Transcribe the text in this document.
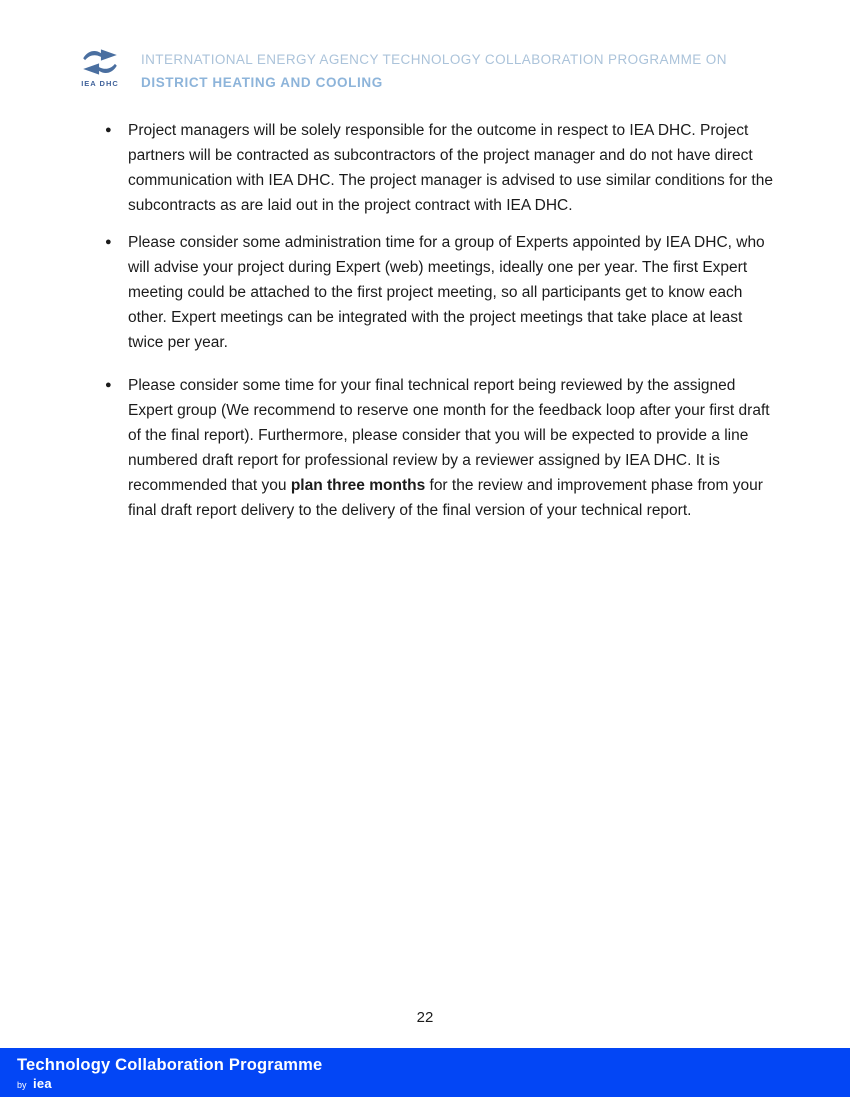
IEA DHC
INTERNATIONAL ENERGY AGENCY TECHNOLOGY COLLABORATION PROGRAMME ON
DISTRICT HEATING AND COOLING
● Project managers will be solely responsible for the outcome in respect to IEA DHC. Project partners will be contracted as subcontractors of the project manager and do not have direct communication with IEA DHC. The project manager is advised to use similar conditions for the subcontracts as are laid out in the project contract with IEA DHC.
● Please consider some administration time for a group of Experts appointed by IEA DHC, who will advise your project during Expert (web) meetings, ideally one per year. The first Expert meeting could be attached to the first project meeting, so all participants get to know each other. Expert meetings can be integrated with the project meetings that take place at least twice per year.
● Please consider some time for your final technical report being reviewed by the assigned Expert group (We recommend to reserve one month for the feedback loop after your first draft of the final report). Furthermore, please consider that you will be expected to provide a line numbered draft report for professional review by a reviewer assigned by IEA DHC. It is recommended that you plan three months for the review and improvement phase from your final draft report delivery to the delivery of the final version of your technical report.
22
Technology Collaboration Programme
by iea
